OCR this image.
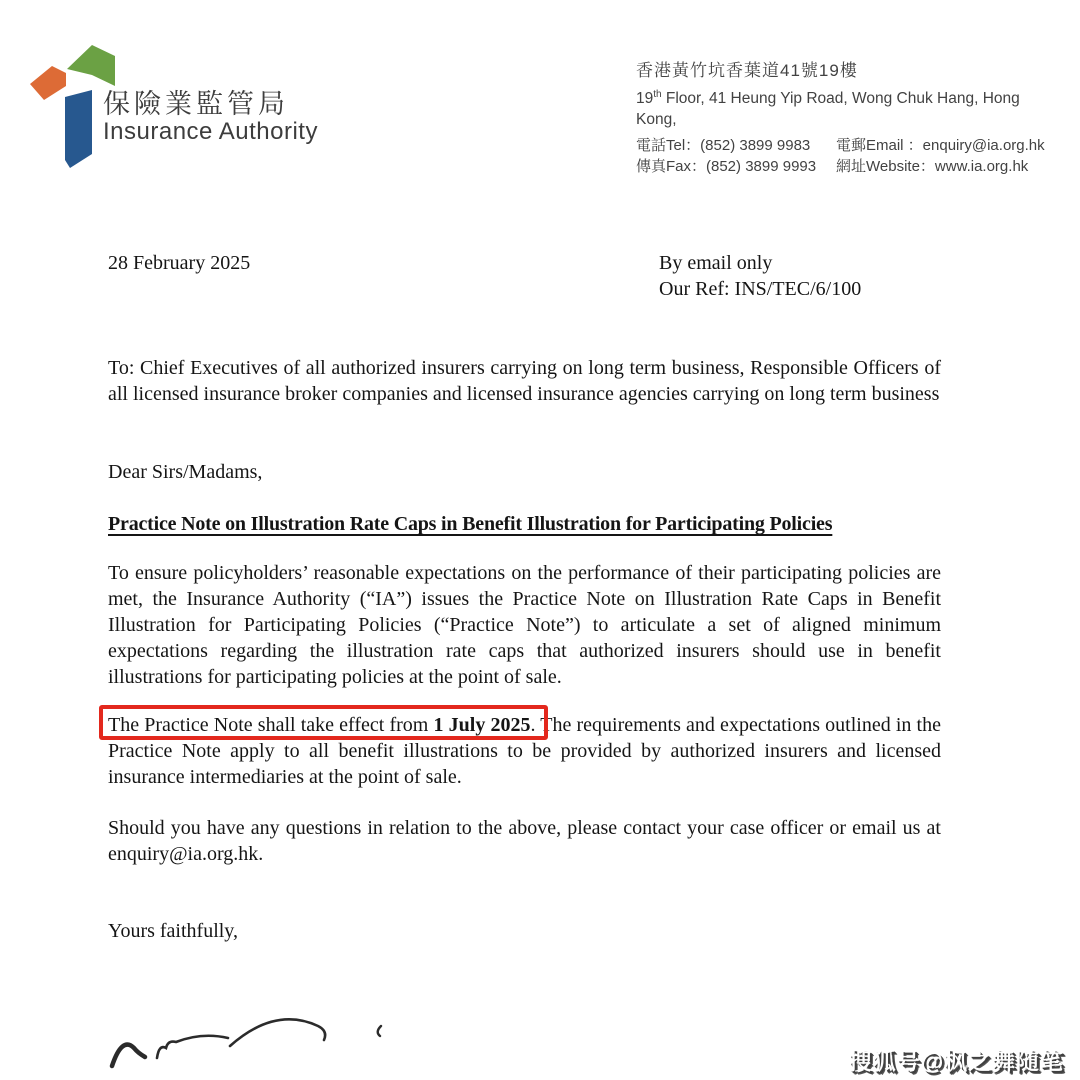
保險業監管局
Insurance Authority
香港黃竹坑香葉道41號19樓
19th Floor, 41 Heung Yip Road, Wong Chuk Hang, Hong Kong,
電話Tel：(852) 3899 9983	電郵Email ：enquiry@ia.org.hk
傳真Fax：(852) 3899 9993	網址Website：www.ia.org.hk
28 February 2025	By email only
Our Ref: INS/TEC/6/100
To: Chief Executives of all authorized insurers carrying on long term business, Responsible Officers of all licensed insurance broker companies and licensed insurance agencies carrying on long term business
Dear Sirs/Madams,
Practice Note on Illustration Rate Caps in Benefit Illustration for Participating Policies
To ensure policyholders’ reasonable expectations on the performance of their participating policies are met, the Insurance Authority (“IA”) issues the Practice Note on Illustration Rate Caps in Benefit Illustration for Participating Policies (“Practice Note”) to articulate a set of aligned minimum expectations regarding the illustration rate caps that authorized insurers should use in benefit illustrations for participating policies at the point of sale.
The Practice Note shall take effect from 1 July 2025. The requirements and expectations outlined in the Practice Note apply to all benefit illustrations to be provided by authorized insurers and licensed insurance intermediaries at the point of sale.
Should you have any questions in relation to the above, please contact your case officer or email us at enquiry@ia.org.hk.
Yours faithfully,
搜狐号@枫之舞随笔
